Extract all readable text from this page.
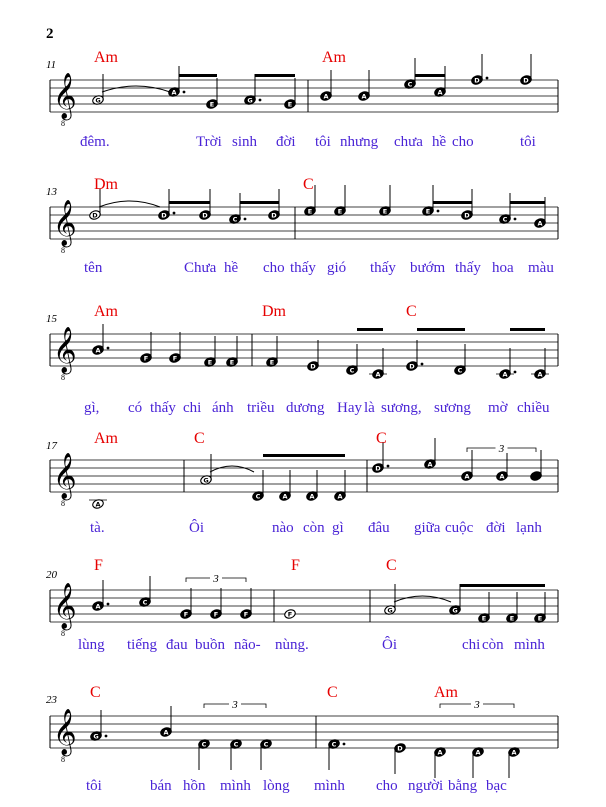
2
𝄞
8
G
A
E	G	E
A	A
C
A
D	D
𝄞
8
D	D	D	C	D	E	E	E	E	D	C	A
𝄞
8
A
F	F	E	E	E	D	C	A
D	C	A	A
𝄞
8	A
G
C	A	A	A
D	A
A	A
3
𝄞
8
A	C
F	F	F	F	G	G
E	E	E
3
𝄞
8
G	A
C	C	C	C	D	A	A	A
3	3
11 Am	Am
đêm.	Trời sinh đời tôi nhưng chưa hề cho	tôi
13 Dm	C
tên	Chưa hề cho thấy gió thấy bướm thấy hoa màu
15 Am	Dm	C
gì, có thấy chi ánh triều dương Hay là sương, sương mờ chiều
17 Am	C	C
tà.	Ôi	nào còn gì đâu giữa cuộc đời lạnh
20
F	F	C
lùng tiếng đau buồn não- nùng.	Ôi	chi còn mình
23 C	C	Am
tôi	bán hồn mình lòng mình cho người bằng bạc
